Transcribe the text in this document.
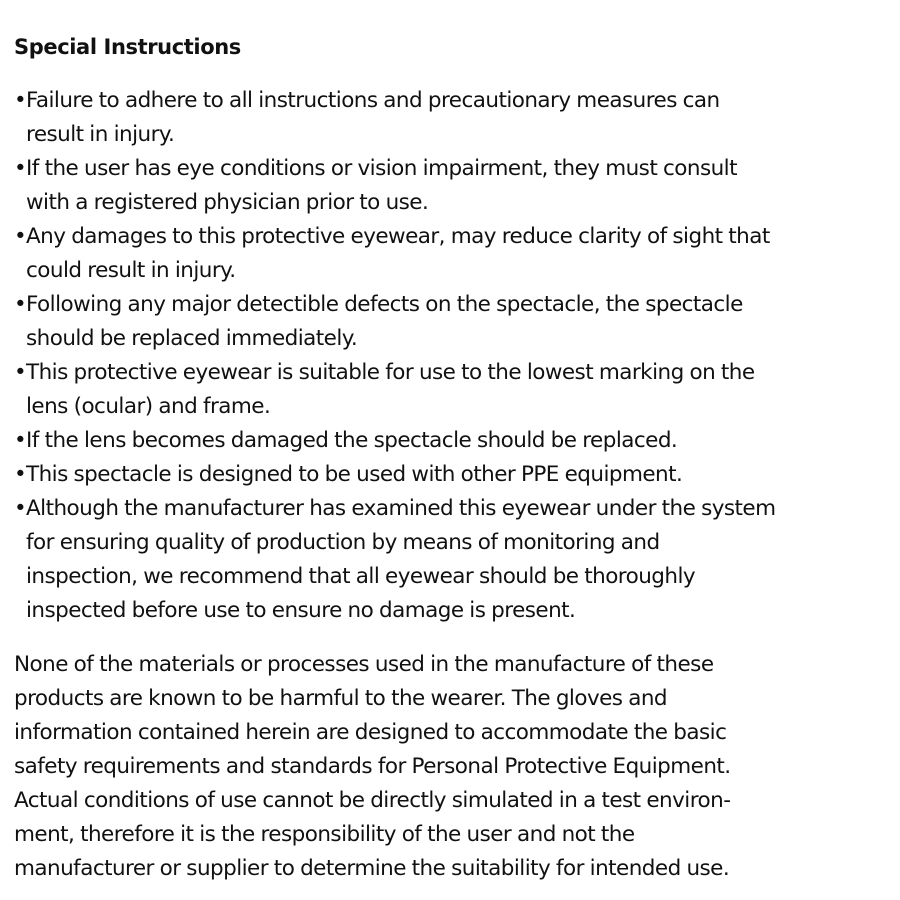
Special Instructions
• Failure to adhere to all instructions and precautionary measures can
result in injury.
• If the user has eye conditions or vision impairment, they must consult
with a registered physician prior to use.
• Any damages to this protective eyewear, may reduce clarity of sight that
could result in injury.
• Following any major detectible defects on the spectacle, the spectacle
should be replaced immediately.
• This protective eyewear is suitable for use to the lowest marking on the
lens (ocular) and frame.
• If the lens becomes damaged the spectacle should be replaced.
• This spectacle is designed to be used with other PPE equipment.
• Although the manufacturer has examined this eyewear under the system
for ensuring quality of production by means of monitoring and
inspection, we recommend that all eyewear should be thoroughly
inspected before use to ensure no damage is present.
None of the materials or processes used in the manufacture of these
products are known to be harmful to the wearer. The gloves and
information contained herein are designed to accommodate the basic
safety requirements and standards for Personal Protective Equipment.
Actual conditions of use cannot be directly simulated in a test environ-
ment, therefore it is the responsibility of the user and not the
manufacturer or supplier to determine the suitability for intended use.
